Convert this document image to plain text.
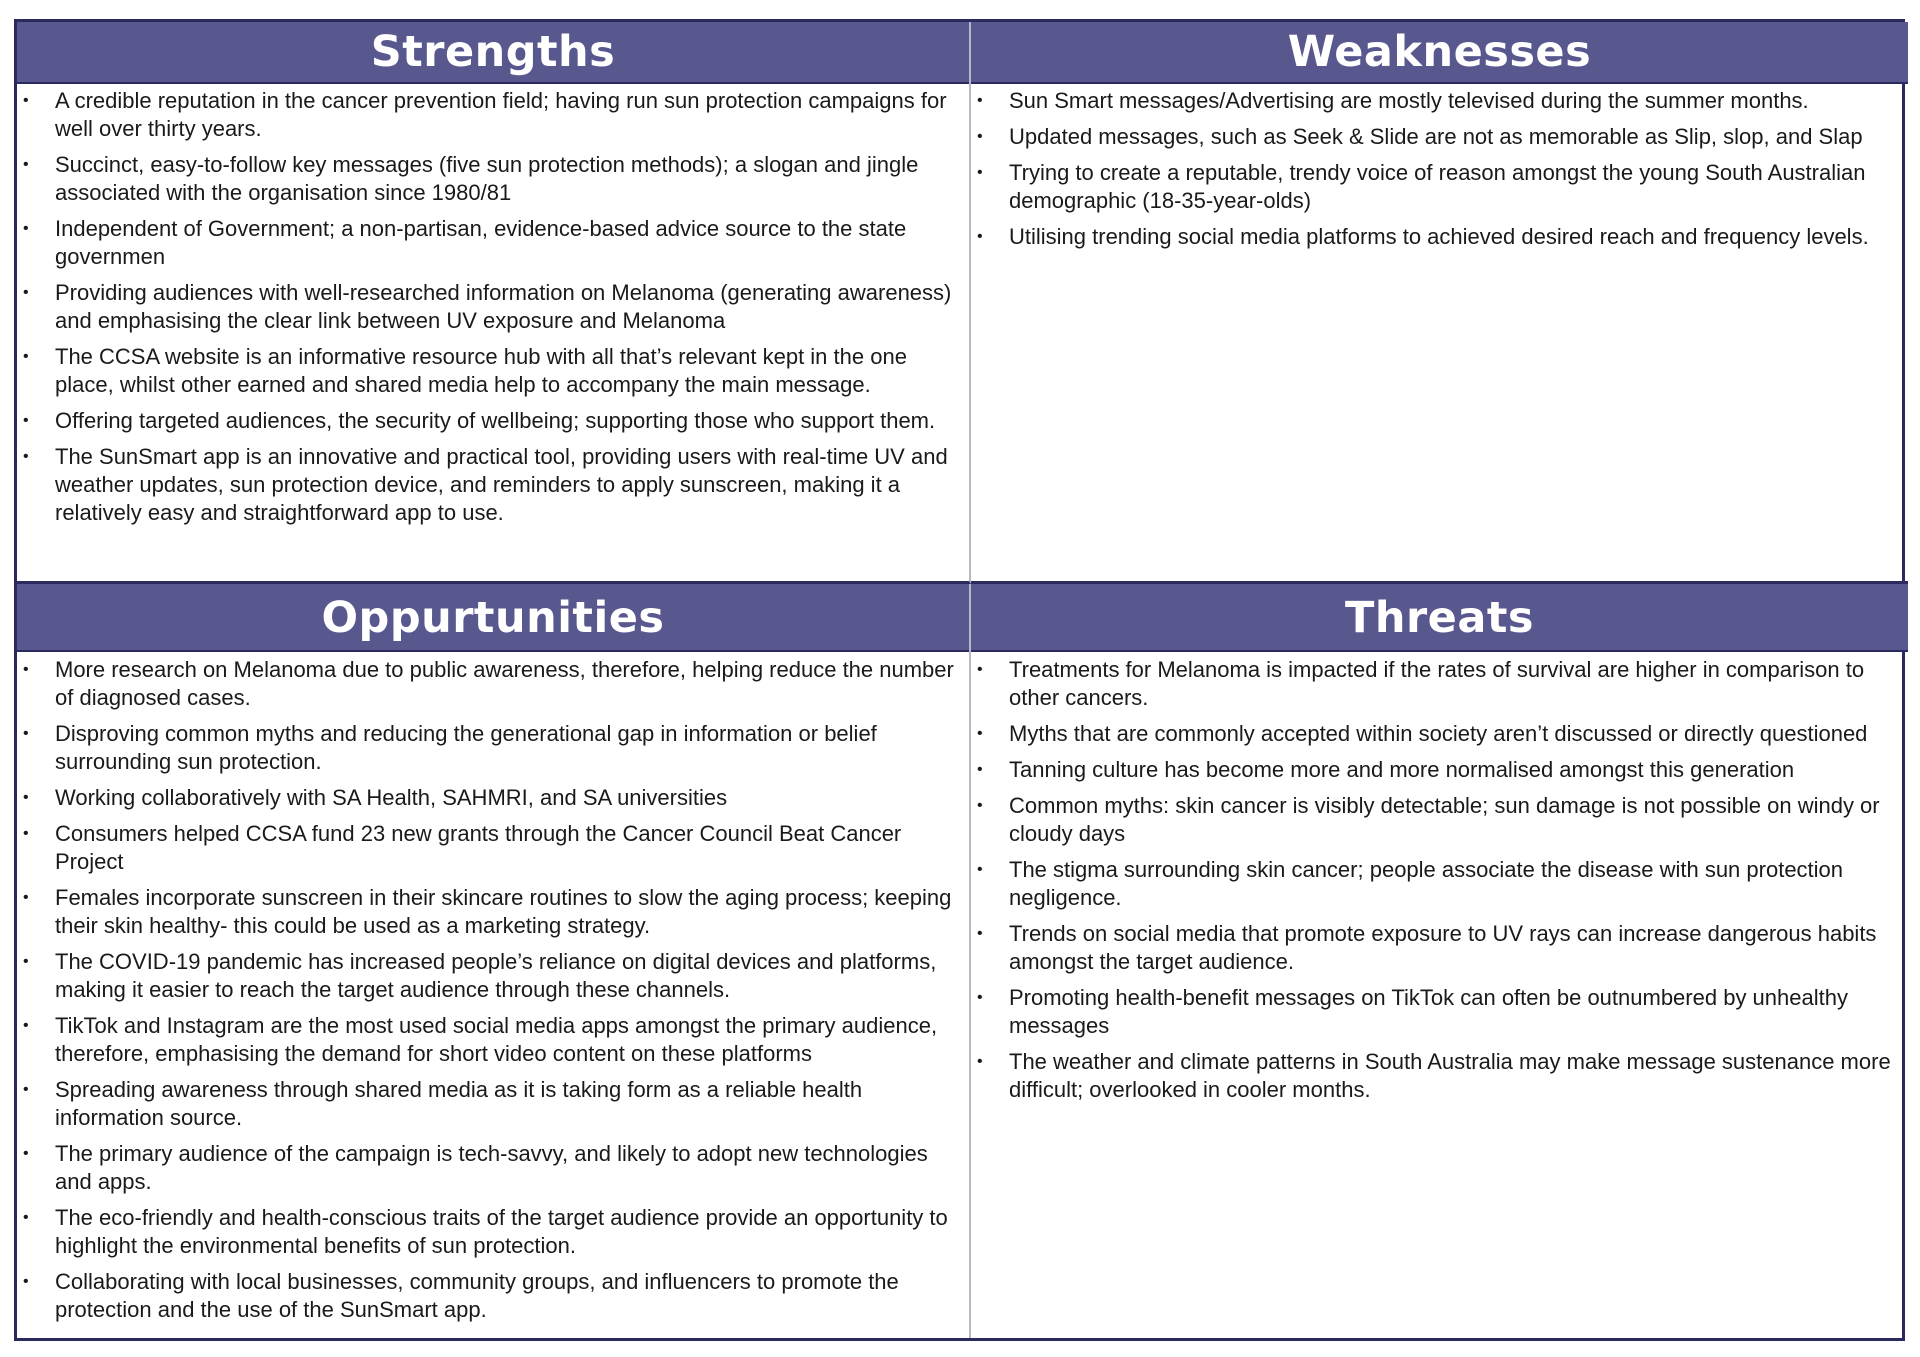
Strengths
• A credible reputation in the cancer prevention field; having run sun protection campaigns for well over thirty years.
• Succinct, easy-to-follow key messages (five sun protection methods); a slogan and jingle associated with the organisation since 1980/81
• Independent of Government; a non-partisan, evidence-based advice source to the state governmen
• Providing audiences with well-researched information on Melanoma (generating awareness) and emphasising the clear link between UV exposure and Melanoma
• The CCSA website is an informative resource hub with all that’s relevant kept in the one place, whilst other earned and shared media help to accompany the main message.
• Offering targeted audiences, the security of wellbeing; supporting those who support them.
• The SunSmart app is an innovative and practical tool, providing users with real-time UV and weather updates, sun protection device, and reminders to apply sunscreen, making it a relatively easy and straightforward app to use.
Weaknesses
• Sun Smart messages/Advertising are mostly televised during the summer months.
• Updated messages, such as Seek & Slide are not as memorable as Slip, slop, and Slap
• Trying to create a reputable, trendy voice of reason amongst the young South Australian demographic (18-35-year-olds)
• Utilising trending social media platforms to achieved desired reach and frequency levels.
Oppurtunities
• More research on Melanoma due to public awareness, therefore, helping reduce the number of diagnosed cases.
• Disproving common myths and reducing the generational gap in information or belief surrounding sun protection.
• Working collaboratively with SA Health, SAHMRI, and SA universities
• Consumers helped CCSA fund 23 new grants through the Cancer Council Beat Cancer Project
• Females incorporate sunscreen in their skincare routines to slow the aging process; keeping their skin healthy- this could be used as a marketing strategy.
• The COVID-19 pandemic has increased people’s reliance on digital devices and platforms, making it easier to reach the target audience through these channels.
• TikTok and Instagram are the most used social media apps amongst the primary audience, therefore, emphasising the demand for short video content on these platforms
• Spreading awareness through shared media as it is taking form as a reliable health information source.
• The primary audience of the campaign is tech-savvy, and likely to adopt new technologies and apps.
• The eco-friendly and health-conscious traits of the target audience provide an opportunity to highlight the environmental benefits of sun protection.
• Collaborating with local businesses, community groups, and influencers to promote the protection and the use of the SunSmart app.
Threats
• Treatments for Melanoma is impacted if the rates of survival are higher in comparison to other cancers.
• Myths that are commonly accepted within society aren’t discussed or directly questioned
• Tanning culture has become more and more normalised amongst this generation
• Common myths: skin cancer is visibly detectable; sun damage is not possible on windy or cloudy days
• The stigma surrounding skin cancer; people associate the disease with sun protection negligence.
• Trends on social media that promote exposure to UV rays can increase dangerous habits amongst the target audience.
• Promoting health-benefit messages on TikTok can often be outnumbered by unhealthy messages
• The weather and climate patterns in South Australia may make message sustenance more difficult; overlooked in cooler months.
